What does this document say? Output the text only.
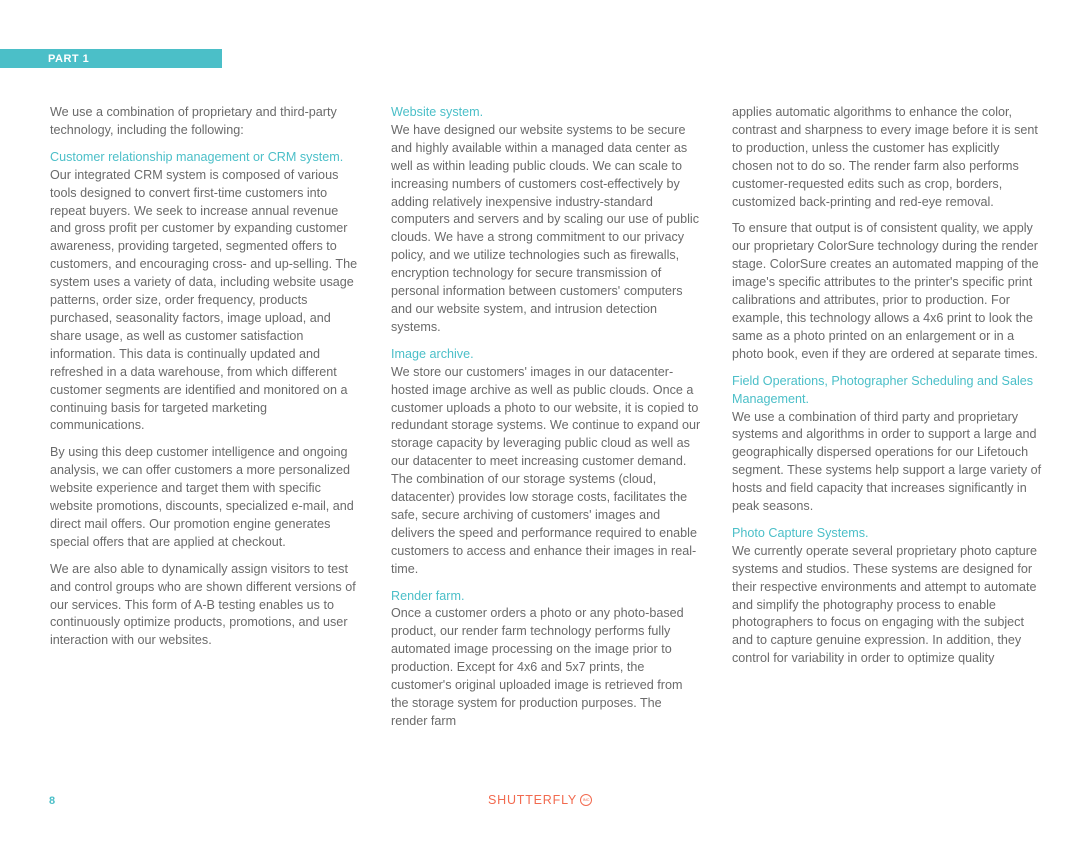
PART 1

We use a combination of proprietary and third-party technology, including the following:

Customer relationship management or CRM system.
Our integrated CRM system is composed of various tools designed to convert first-time customers into repeat buyers. We seek to increase annual revenue and gross profit per customer by expanding customer awareness, providing targeted, segmented offers to customers, and encouraging cross- and up-selling. The system uses a variety of data, including website usage patterns, order size, order frequency, products purchased, seasonality factors, image upload, and share usage, as well as customer satisfaction information. This data is continually updated and refreshed in a data warehouse, from which different customer segments are identified and monitored on a continuing basis for targeted marketing communications.

By using this deep customer intelligence and ongoing analysis, we can offer customers a more personalized website experience and target them with specific website promotions, discounts, specialized e-mail, and direct mail offers. Our promotion engine generates special offers that are applied at checkout.

We are also able to dynamically assign visitors to test and control groups who are shown different versions of our services. This form of A-B testing enables us to continuously optimize products, promotions, and user interaction with our websites.

Website system.
We have designed our website systems to be secure and highly available within a managed data center as well as within leading public clouds. We can scale to increasing numbers of customers cost-effectively by adding relatively inexpensive industry-standard computers and servers and by scaling our use of public clouds. We have a strong commitment to our privacy policy, and we utilize technologies such as firewalls, encryption technology for secure transmission of personal information between customers' computers and our website system, and intrusion detection systems.

Image archive.
We store our customers' images in our datacenter-hosted image archive as well as public clouds. Once a customer uploads a photo to our website, it is copied to redundant storage systems. We continue to expand our storage capacity by leveraging public cloud as well as our datacenter to meet increasing customer demand. The combination of our storage systems (cloud, datacenter) provides low storage costs, facilitates the safe, secure archiving of customers' images and delivers the speed and performance required to enable customers to access and enhance their images in real-time.

Render farm.
Once a customer orders a photo or any photo-based product, our render farm technology performs fully automated image processing on the image prior to production. Except for 4x6 and 5x7 prints, the customer's original uploaded image is retrieved from the storage system for production purposes. The render farm

applies automatic algorithms to enhance the color, contrast and sharpness to every image before it is sent to production, unless the customer has explicitly chosen not to do so. The render farm also performs customer-requested edits such as crop, borders, customized back-printing and red-eye removal.

To ensure that output is of consistent quality, we apply our proprietary ColorSure technology during the render stage. ColorSure creates an automated mapping of the image's specific attributes to the printer's specific print calibrations and attributes, prior to production. For example, this technology allows a 4x6 print to look the same as a photo printed on an enlargement or in a photo book, even if they are ordered at separate times.

Field Operations, Photographer Scheduling and Sales Management.
We use a combination of third party and proprietary systems and algorithms in order to support a large and geographically dispersed operations for our Lifetouch segment. These systems help support a large variety of hosts and field capacity that increases significantly in peak seasons.

Photo Capture Systems.
We currently operate several proprietary photo capture systems and studios. These systems are designed for their respective environments and attempt to automate and simplify the photography process to enable photographers to focus on engaging with the subject and to capture genuine expression. In addition, they control for variability in order to optimize quality

8	SHUTTERFLY	INC
